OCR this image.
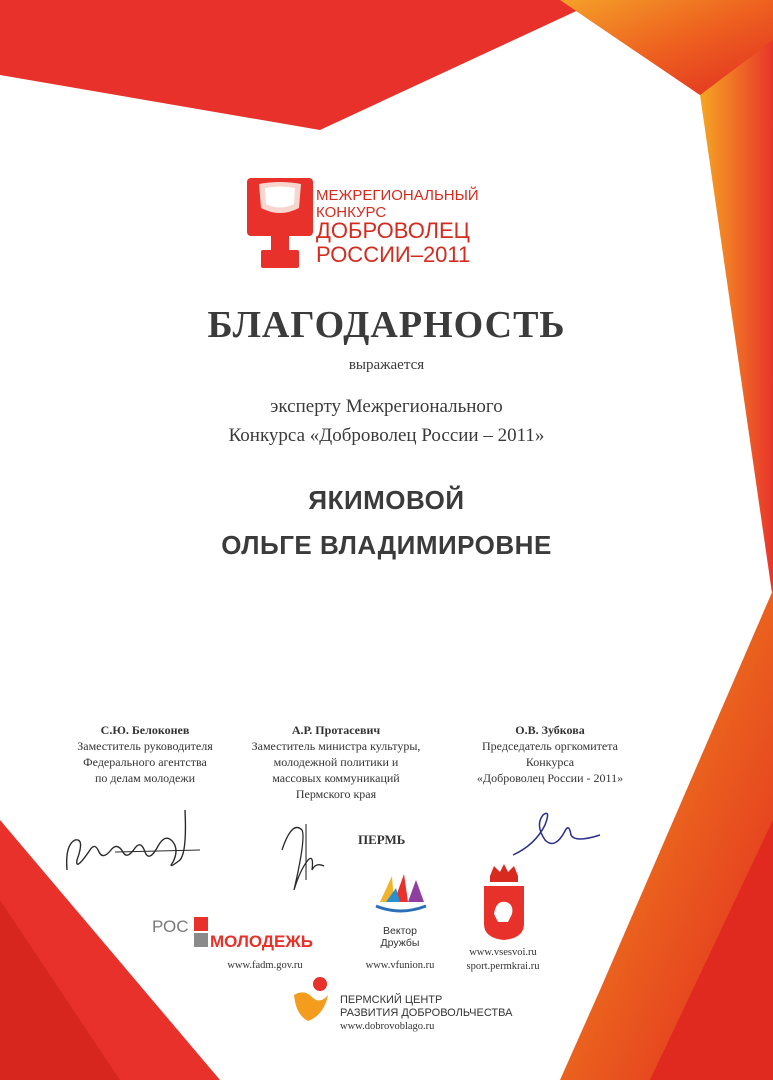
МЕЖРЕГИОНАЛЬНЫЙ
КОНКУРС
ДОБРОВОЛЕЦ
РОССИИ–2011
БЛАГОДАРНОСТЬ
выражается
эксперту Межрегионального
Конкурса «Доброволец России – 2011»
ЯКИМОВОЙ
ОЛЬГЕ ВЛАДИМИРОВНЕ
С.Ю. Белоконев
Заместитель руководителя
Федерального агентства
по делам молодежи
А.Р. Протасевич
Заместитель министра культуры,
молодежной политики и
массовых коммуникаций
Пермского края
О.В. Зубкова
Председатель оргкомитета
Конкурса
«Доброволец России - 2011»
ПЕРМЬ
РОС
МОЛОДЕЖЬ
www.fadm.gov.ru
Вектор
Дружбы
www.vfunion.ru
www.vsesvoi.ru
sport.permkrai.ru
ПЕРМСКИЙ ЦЕНТР
РАЗВИТИЯ ДОБРОВОЛЬЧЕСТВА
www.dobrovoblago.ru
